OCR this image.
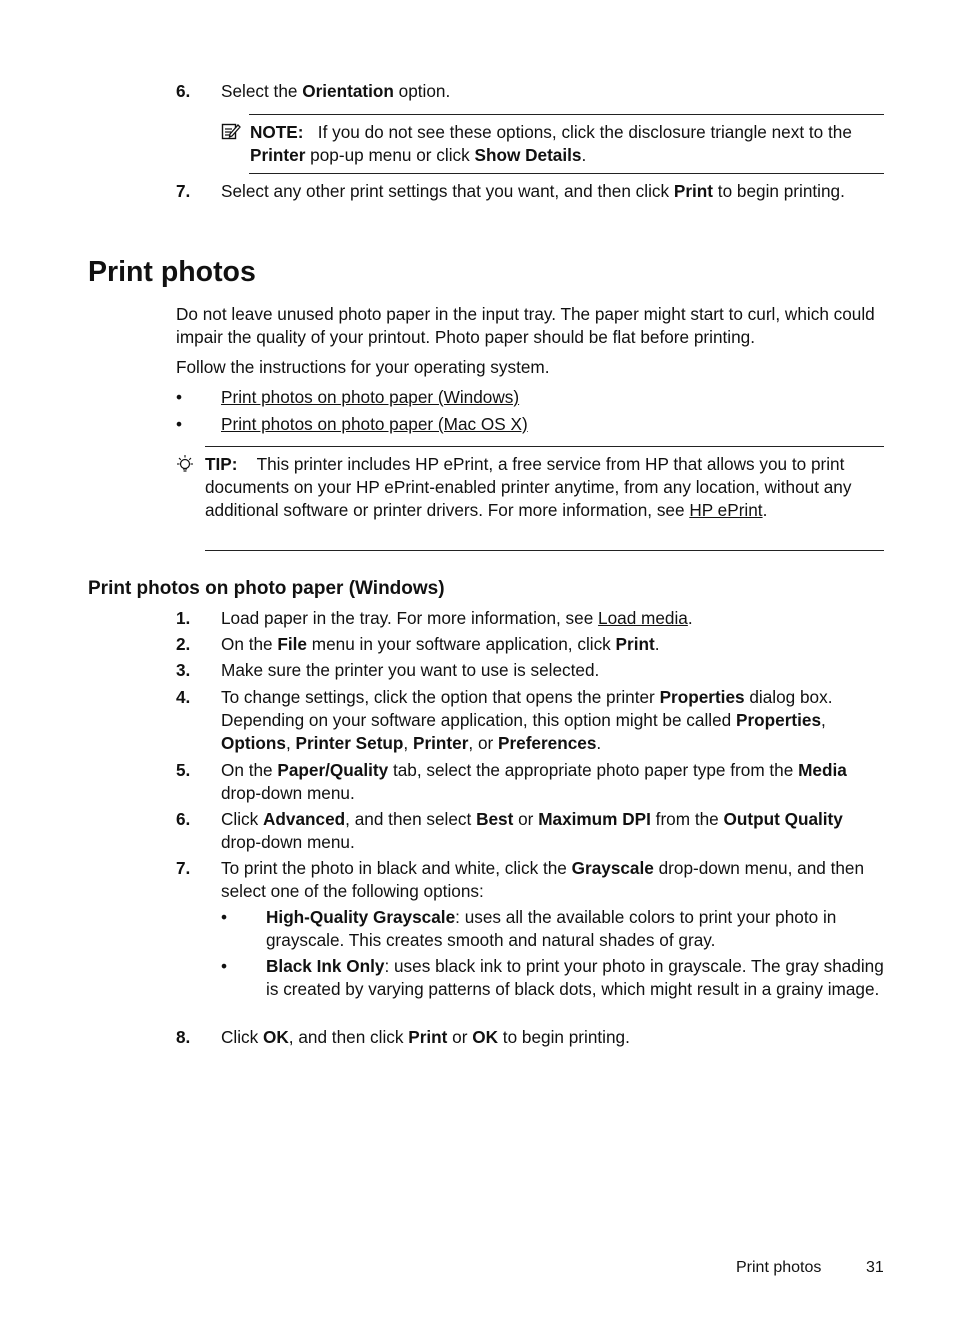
6. Select the Orientation option.
NOTE: If you do not see these options, click the disclosure triangle next to the Printer pop-up menu or click Show Details.
7. Select any other print settings that you want, and then click Print to begin printing.
Print photos
Do not leave unused photo paper in the input tray. The paper might start to curl, which could impair the quality of your printout. Photo paper should be flat before printing.
Follow the instructions for your operating system.
• Print photos on photo paper (Windows)
• Print photos on photo paper (Mac OS X)
TIP: This printer includes HP ePrint, a free service from HP that allows you to print documents on your HP ePrint-enabled printer anytime, from any location, without any additional software or printer drivers. For more information, see HP ePrint.
Print photos on photo paper (Windows)
1. Load paper in the tray. For more information, see Load media.
2. On the File menu in your software application, click Print.
3. Make sure the printer you want to use is selected.
4. To change settings, click the option that opens the printer Properties dialog box. Depending on your software application, this option might be called Properties, Options, Printer Setup, Printer, or Preferences.
5. On the Paper/Quality tab, select the appropriate photo paper type from the Media drop-down menu.
6. Click Advanced, and then select Best or Maximum DPI from the Output Quality drop-down menu.
7. To print the photo in black and white, click the Grayscale drop-down menu, and then select one of the following options:
• High-Quality Grayscale: uses all the available colors to print your photo in grayscale. This creates smooth and natural shades of gray.
• Black Ink Only: uses black ink to print your photo in grayscale. The gray shading is created by varying patterns of black dots, which might result in a grainy image.
8. Click OK, and then click Print or OK to begin printing.
Print photos	31
